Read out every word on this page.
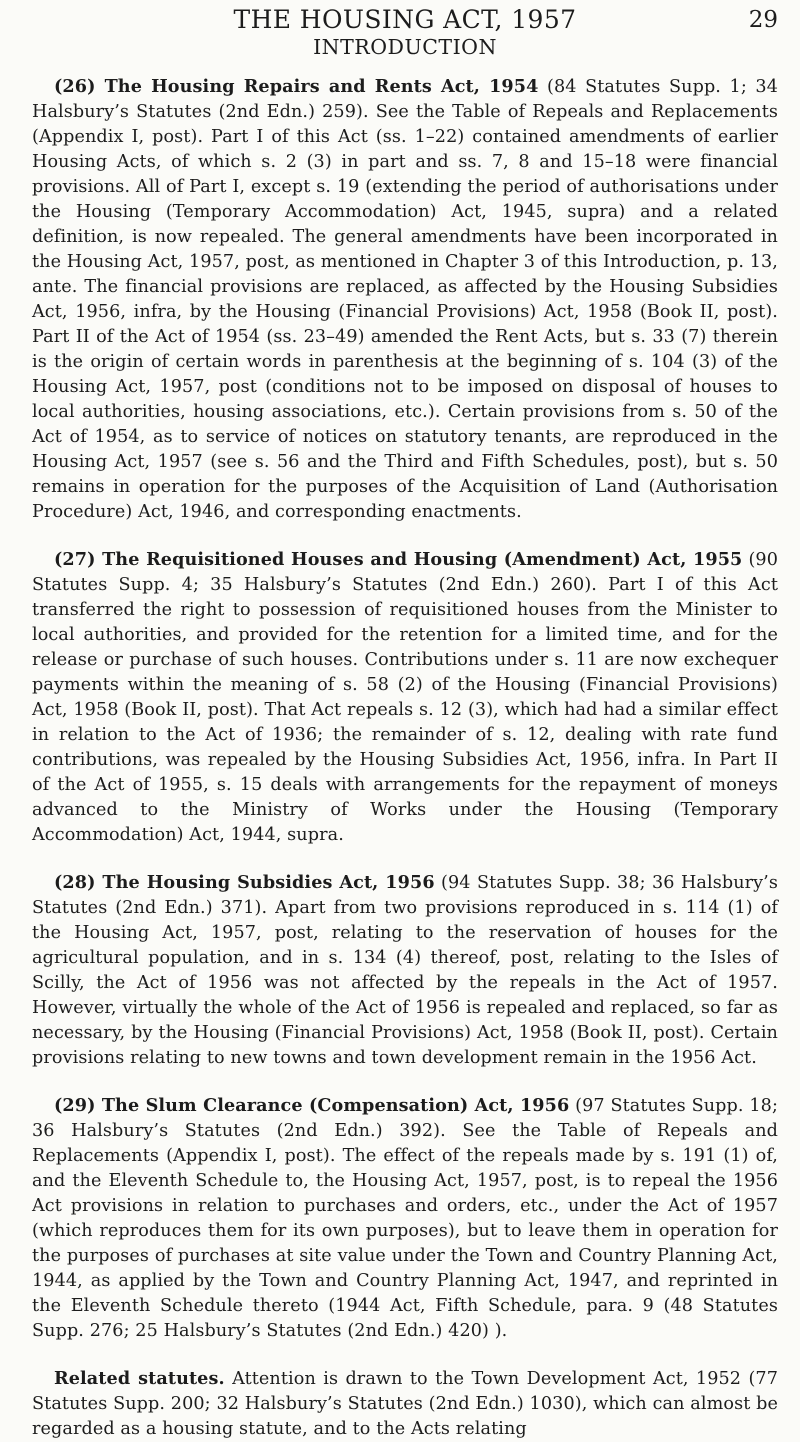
THE HOUSING ACT, 1957	29
INTRODUCTION

(26) The Housing Repairs and Rents Act, 1954 (84 Statutes Supp. 1; 34 Halsbury’s Statutes (2nd Edn.) 259). See the Table of Repeals and Replacements (Appendix I, post). Part I of this Act (ss. 1–22) contained amendments of earlier Housing Acts, of which s. 2 (3) in part and ss. 7, 8 and 15–18 were financial provisions. All of Part I, except s. 19 (extending the period of authorisations under the Housing (Temporary Accommodation) Act, 1945, supra) and a related definition, is now repealed. The general amendments have been incorporated in the Housing Act, 1957, post, as mentioned in Chapter 3 of this Introduction, p. 13, ante. The financial provisions are replaced, as affected by the Housing Subsidies Act, 1956, infra, by the Housing (Financial Provisions) Act, 1958 (Book II, post). Part II of the Act of 1954 (ss. 23–49) amended the Rent Acts, but s. 33 (7) therein is the origin of certain words in parenthesis at the beginning of s. 104 (3) of the Housing Act, 1957, post (conditions not to be imposed on disposal of houses to local authorities, housing associations, etc.). Certain provisions from s. 50 of the Act of 1954, as to service of notices on statutory tenants, are reproduced in the Housing Act, 1957 (see s. 56 and the Third and Fifth Schedules, post), but s. 50 remains in operation for the purposes of the Acquisition of Land (Authorisation Procedure) Act, 1946, and corresponding enactments.

(27) The Requisitioned Houses and Housing (Amendment) Act, 1955 (90 Statutes Supp. 4; 35 Halsbury’s Statutes (2nd Edn.) 260). Part I of this Act transferred the right to possession of requisitioned houses from the Minister to local authorities, and provided for the retention for a limited time, and for the release or purchase of such houses. Contributions under s. 11 are now exchequer payments within the meaning of s. 58 (2) of the Housing (Financial Provisions) Act, 1958 (Book II, post). That Act repeals s. 12 (3), which had had a similar effect in relation to the Act of 1936; the remainder of s. 12, dealing with rate fund contributions, was repealed by the Housing Subsidies Act, 1956, infra. In Part II of the Act of 1955, s. 15 deals with arrangements for the repayment of moneys advanced to the Ministry of Works under the Housing (Temporary Accommodation) Act, 1944, supra.

(28) The Housing Subsidies Act, 1956 (94 Statutes Supp. 38; 36 Halsbury’s Statutes (2nd Edn.) 371). Apart from two provisions reproduced in s. 114 (1) of the Housing Act, 1957, post, relating to the reservation of houses for the agricultural population, and in s. 134 (4) thereof, post, relating to the Isles of Scilly, the Act of 1956 was not affected by the repeals in the Act of 1957. However, virtually the whole of the Act of 1956 is repealed and replaced, so far as necessary, by the Housing (Financial Provisions) Act, 1958 (Book II, post). Certain provisions relating to new towns and town development remain in the 1956 Act.

(29) The Slum Clearance (Compensation) Act, 1956 (97 Statutes Supp. 18; 36 Halsbury’s Statutes (2nd Edn.) 392). See the Table of Repeals and Replacements (Appendix I, post). The effect of the repeals made by s. 191 (1) of, and the Eleventh Schedule to, the Housing Act, 1957, post, is to repeal the 1956 Act provisions in relation to purchases and orders, etc., under the Act of 1957 (which reproduces them for its own purposes), but to leave them in operation for the purposes of purchases at site value under the Town and Country Planning Act, 1944, as applied by the Town and Country Planning Act, 1947, and reprinted in the Eleventh Schedule thereto (1944 Act, Fifth Schedule, para. 9 (48 Statutes Supp. 276; 25 Halsbury’s Statutes (2nd Edn.) 420) ).

Related statutes. Attention is drawn to the Town Development Act, 1952 (77 Statutes Supp. 200; 32 Halsbury’s Statutes (2nd Edn.) 1030), which can almost be regarded as a housing statute, and to the Acts relating
